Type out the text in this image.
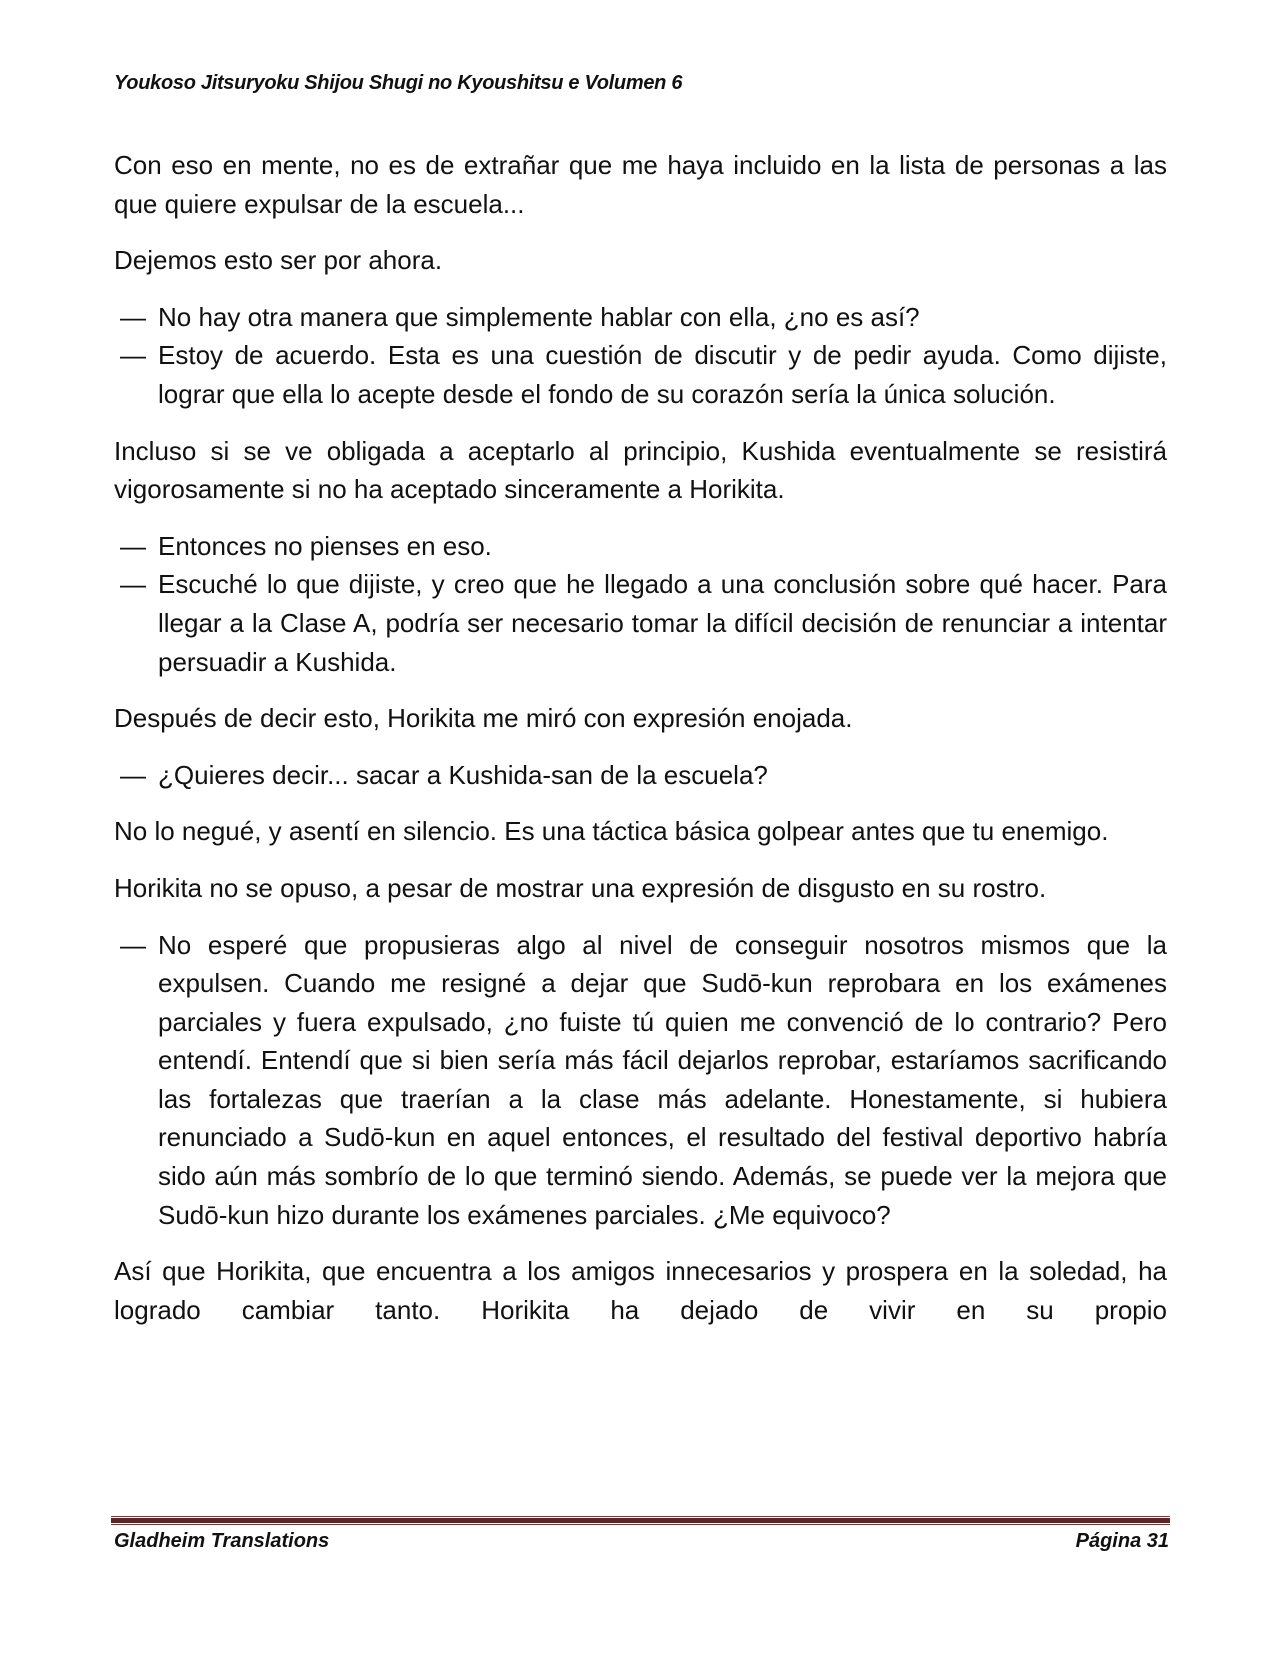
Youkoso Jitsuryoku Shijou Shugi no Kyoushitsu e Volumen 6

Con eso en mente, no es de extrañar que me haya incluido en la lista de personas a las que quiere expulsar de la escuela...

Dejemos esto ser por ahora.

— No hay otra manera que simplemente hablar con ella, ¿no es así?

— Estoy de acuerdo. Esta es una cuestión de discutir y de pedir ayuda. Como dijiste, lograr que ella lo acepte desde el fondo de su corazón sería la única solución.

Incluso si se ve obligada a aceptarlo al principio, Kushida eventualmente se resistirá vigorosamente si no ha aceptado sinceramente a Horikita.

— Entonces no pienses en eso.

— Escuché lo que dijiste, y creo que he llegado a una conclusión sobre qué hacer. Para llegar a la Clase A, podría ser necesario tomar la difícil decisión de renunciar a intentar persuadir a Kushida.

Después de decir esto, Horikita me miró con expresión enojada.

— ¿Quieres decir... sacar a Kushida-san de la escuela?

No lo negué, y asentí en silencio. Es una táctica básica golpear antes que tu enemigo.

Horikita no se opuso, a pesar de mostrar una expresión de disgusto en su rostro.

— No esperé que propusieras algo al nivel de conseguir nosotros mismos que la expulsen. Cuando me resigné a dejar que Sudō-kun reprobara en los exámenes parciales y fuera expulsado, ¿no fuiste tú quien me convenció de lo contrario? Pero entendí. Entendí que si bien sería más fácil dejarlos reprobar, estaríamos sacrificando las fortalezas que traerían a la clase más adelante. Honestamente, si hubiera renunciado a Sudō-kun en aquel entonces, el resultado del festival deportivo habría sido aún más sombrío de lo que terminó siendo. Además, se puede ver la mejora que Sudō-kun hizo durante los exámenes parciales. ¿Me equivoco?

Así que Horikita, que encuentra a los amigos innecesarios y prospera en la soledad, ha logrado cambiar tanto. Horikita ha dejado de vivir en su propio

Gladheim Translations	Página 31
